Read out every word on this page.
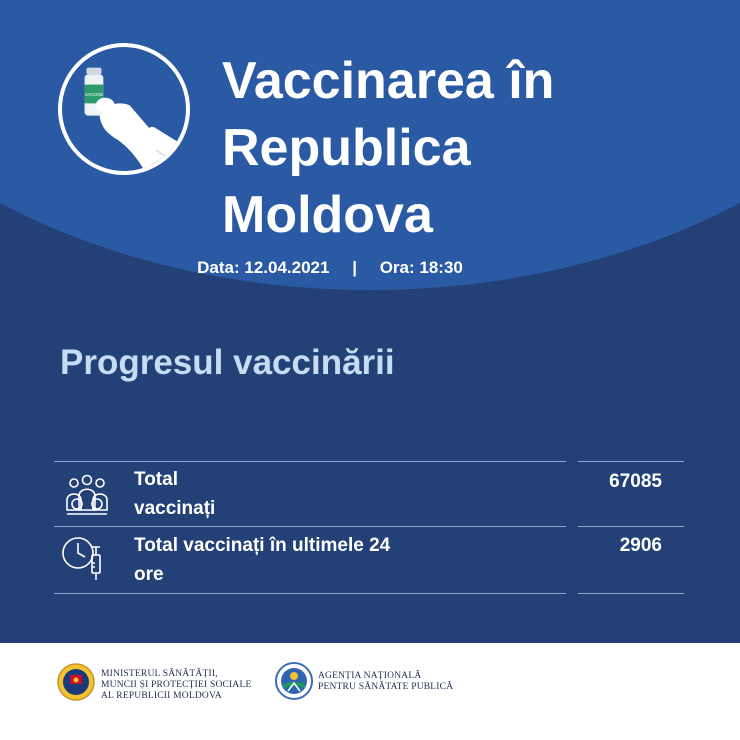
VACCINE Vaccinarea în
Republica
Moldova
Data: 12.04.2021 | Ora: 18:30
Progresul vaccinării
Total
vaccinați
67085
Total vaccinați în ultimele 24
ore
2906
MINISTERUL SĂNĂTĂȚII,
MUNCII ȘI PROTECȚIEI SOCIALE
AL REPUBLICII MOLDOVA
AGENȚIA NAȚIONALĂ
PENTRU SĂNĂTATE PUBLICĂ
